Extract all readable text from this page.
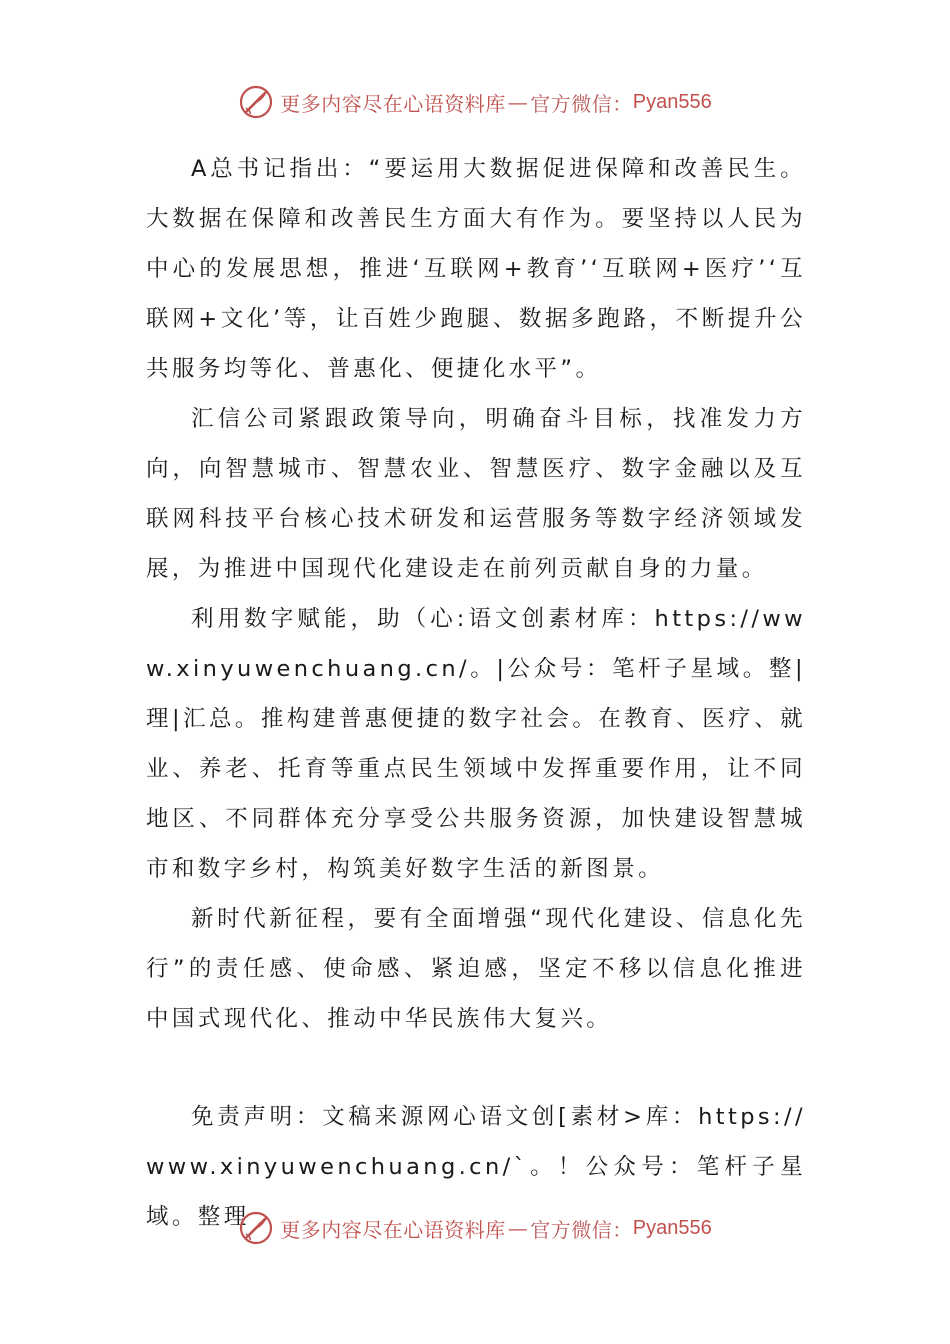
更多内容尽在心语资料库 — 官方微信： Pyan556

A总书记指出：“要运用大数据促进保障和改善民生。大数据在保障和改善民生方面大有作为。要坚持以人民为中心的发展思想，推进‘互联网+教育’‘互联网+医疗’‘互联网+文化’等，让百姓少跑腿、数据多跑路，不断提升公共服务均等化、普惠化、便捷化水平”。

汇信公司紧跟政策导向，明确奋斗目标，找准发力方向，向智慧城市、智慧农业、智慧医疗、数字金融以及互联网科技平台核心技术研发和运营服务等数字经济领域发展，为推进中国现代化建设走在前列贡献自身的力量。

利用数字赋能，助（心:语文创素材库：https://www.xinyuwenchuang.cn/。|公众号：笔杆子星域。整|理|汇总。推构建普惠便捷的数字社会。在教育、医疗、就业、养老、托育等重点民生领域中发挥重要作用，让不同地区、不同群体充分享受公共服务资源，加快建设智慧城市和数字乡村，构筑美好数字生活的新图景。

新时代新征程，要有全面增强“现代化建设、信息化先行”的责任感、使命感、紧迫感，坚定不移以信息化推进中国式现代化、推动中华民族伟大复兴。

免责声明：文稿来源网心语文创[素材>库：https://www.xinyuwenchuang.cn/`。！公众号：笔杆子星域。整理	更多内容尽在心语资料库 — 官方微信： Pyan556
